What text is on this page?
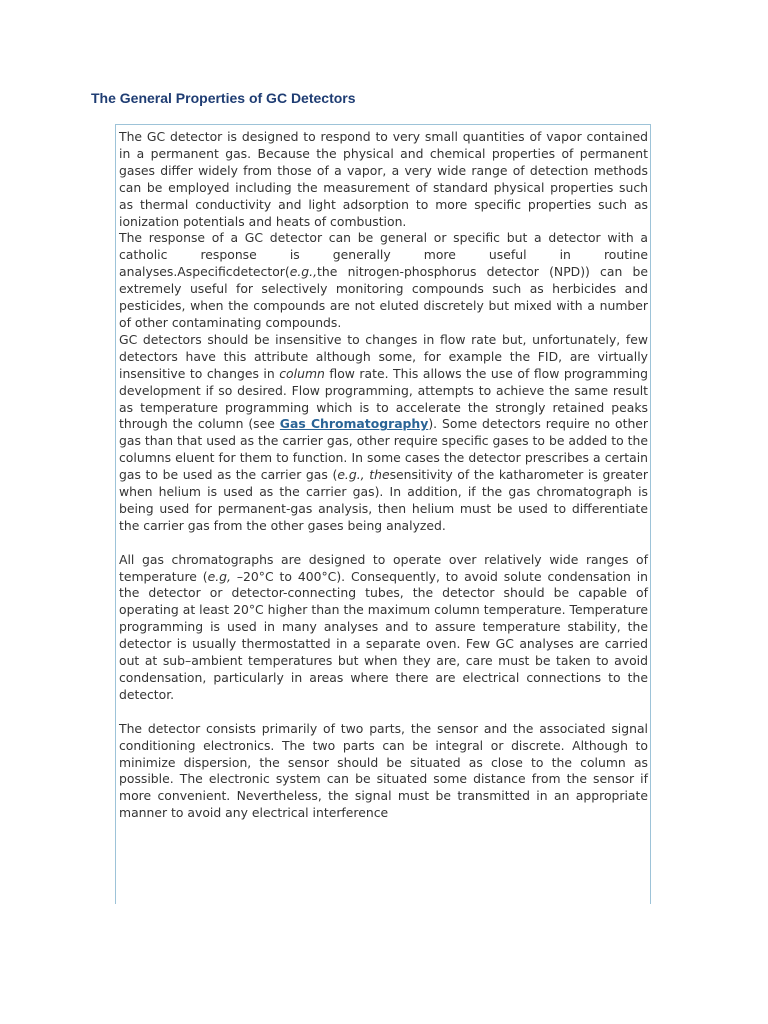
The General Properties of GC Detectors

The GC detector is designed to respond to very small quantities of vapor contained in a permanent gas. Because the physical and chemical properties of permanent gases differ widely from those of a vapor, a very wide range of detection methods can be employed including the measurement of standard physical properties such as thermal conductivity and light adsorption to more specific properties such as ionization potentials and heats of combustion.

The response of a GC detector can be general or specific but a detector with a catholic response is generally more useful in routine analyses.Aspecificdetector(e.g.,the nitrogen-phosphorus detector (NPD)) can be extremely useful for selectively monitoring compounds such as herbicides and pesticides, when the compounds are not eluted discretely but mixed with a number of other contaminating compounds.

GC detectors should be insensitive to changes in flow rate but, unfortunately, few detectors have this attribute although some, for example the FID, are virtually insensitive to changes in column flow rate. This allows the use of flow programming development if so desired. Flow programming, attempts to achieve the same result as temperature programming which is to accelerate the strongly retained peaks through the column (see Gas Chromatography). Some detectors require no other gas than that used as the carrier gas, other require specific gases to be added to the columns eluent for them to function. In some cases the detector prescribes a certain gas to be used as the carrier gas (e.g., thesensitivity of the katharometer is greater when helium is used as the carrier gas). In addition, if the gas chromatograph is being used for permanent-gas analysis, then helium must be used to differentiate the carrier gas from the other gases being analyzed.

All gas chromatographs are designed to operate over relatively wide ranges of temperature (e.g, –20°C to 400°C). Consequently, to avoid solute condensation in the detector or detector-connecting tubes, the detector should be capable of operating at least 20°C higher than the maximum column temperature. Temperature programming is used in many analyses and to assure temperature stability, the detector is usually thermostatted in a separate oven. Few GC analyses are carried out at sub–ambient temperatures but when they are, care must be taken to avoid condensation, particularly in areas where there are electrical connections to the detector.

The detector consists primarily of two parts, the sensor and the associated signal conditioning electronics. The two parts can be integral or discrete. Although to minimize dispersion, the sensor should be situated as close to the column as possible. The electronic system can be situated some distance from the sensor if more convenient. Nevertheless, the signal must be transmitted in an appropriate manner to avoid any electrical interference
